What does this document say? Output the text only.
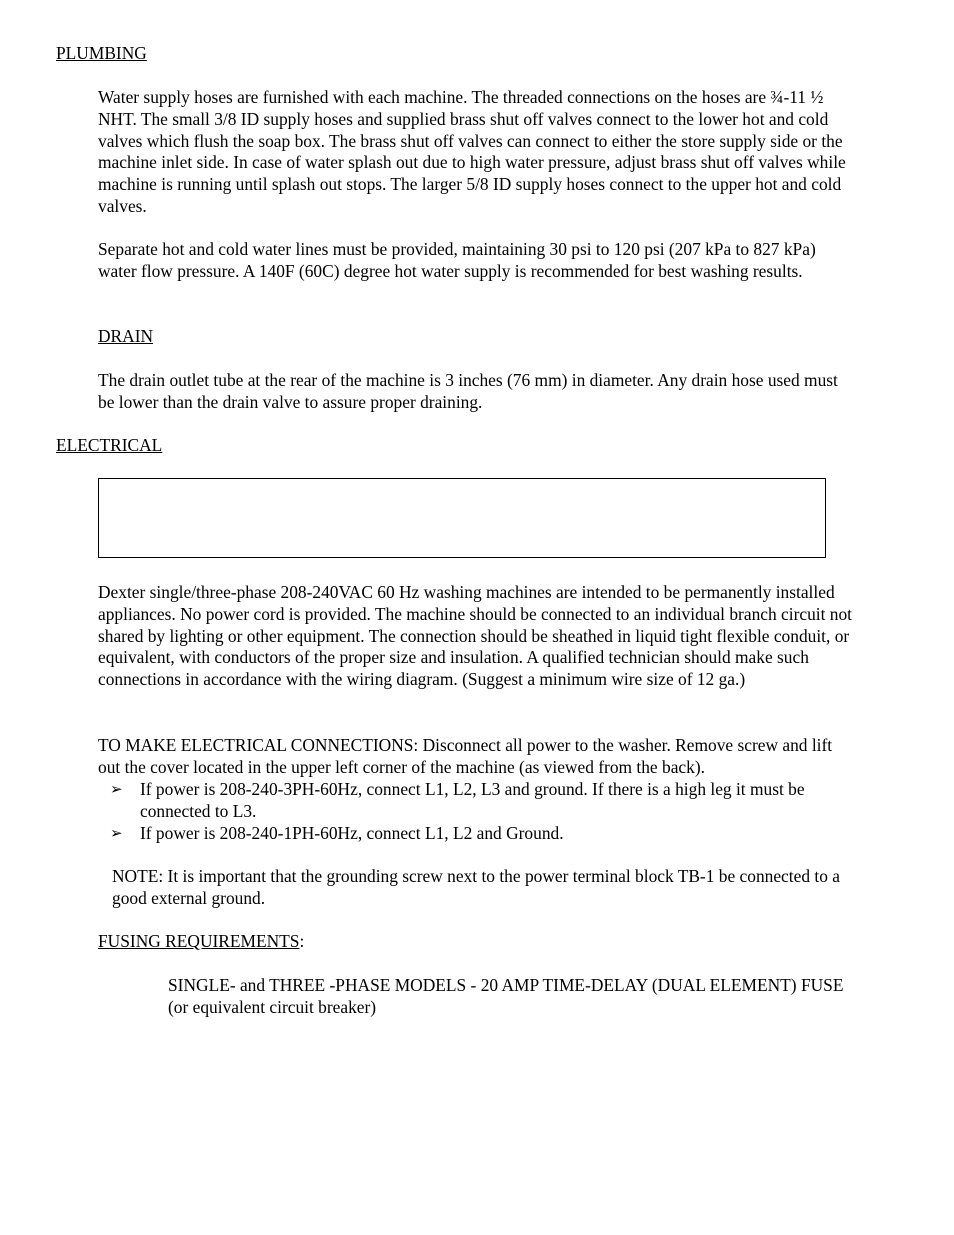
PLUMBING

Water supply hoses are furnished with each machine. The threaded connections on the hoses are ¾-11 ½ NHT. The small 3/8 ID supply hoses and supplied brass shut off valves connect to the lower hot and cold valves which flush the soap box. The brass shut off valves can connect to either the store supply side or the machine inlet side. In case of water splash out due to high water pressure, adjust brass shut off valves while machine is running until splash out stops. The larger 5/8 ID supply hoses connect to the upper hot and cold valves.

Separate hot and cold water lines must be provided, maintaining 30 psi to 120 psi (207 kPa to 827 kPa) water flow pressure. A 140F (60C) degree hot water supply is recommended for best washing results.

DRAIN

The drain outlet tube at the rear of the machine is 3 inches (76 mm) in diameter. Any drain hose used must be lower than the drain valve to assure proper draining.

ELECTRICAL

Dexter single/three-phase 208-240VAC 60 Hz washing machines are intended to be permanently installed appliances. No power cord is provided. The machine should be connected to an individual branch circuit not shared by lighting or other equipment. The connection should be sheathed in liquid tight flexible conduit, or equivalent, with conductors of the proper size and insulation. A qualified technician should make such connections in accordance with the wiring diagram. (Suggest a minimum wire size of 12 ga.)

TO MAKE ELECTRICAL CONNECTIONS: Disconnect all power to the washer. Remove screw and lift out the cover located in the upper left corner of the machine (as viewed from the back).

➢ If power is 208-240-3PH-60Hz, connect L1, L2, L3 and ground. If there is a high leg it must be connected to L3.
➢ If power is 208-240-1PH-60Hz, connect L1, L2 and Ground.

NOTE: It is important that the grounding screw next to the power terminal block TB-1 be connected to a good external ground.

FUSING REQUIREMENTS:

SINGLE- and THREE -PHASE MODELS - 20 AMP TIME-DELAY (DUAL ELEMENT) FUSE (or equivalent circuit breaker)
